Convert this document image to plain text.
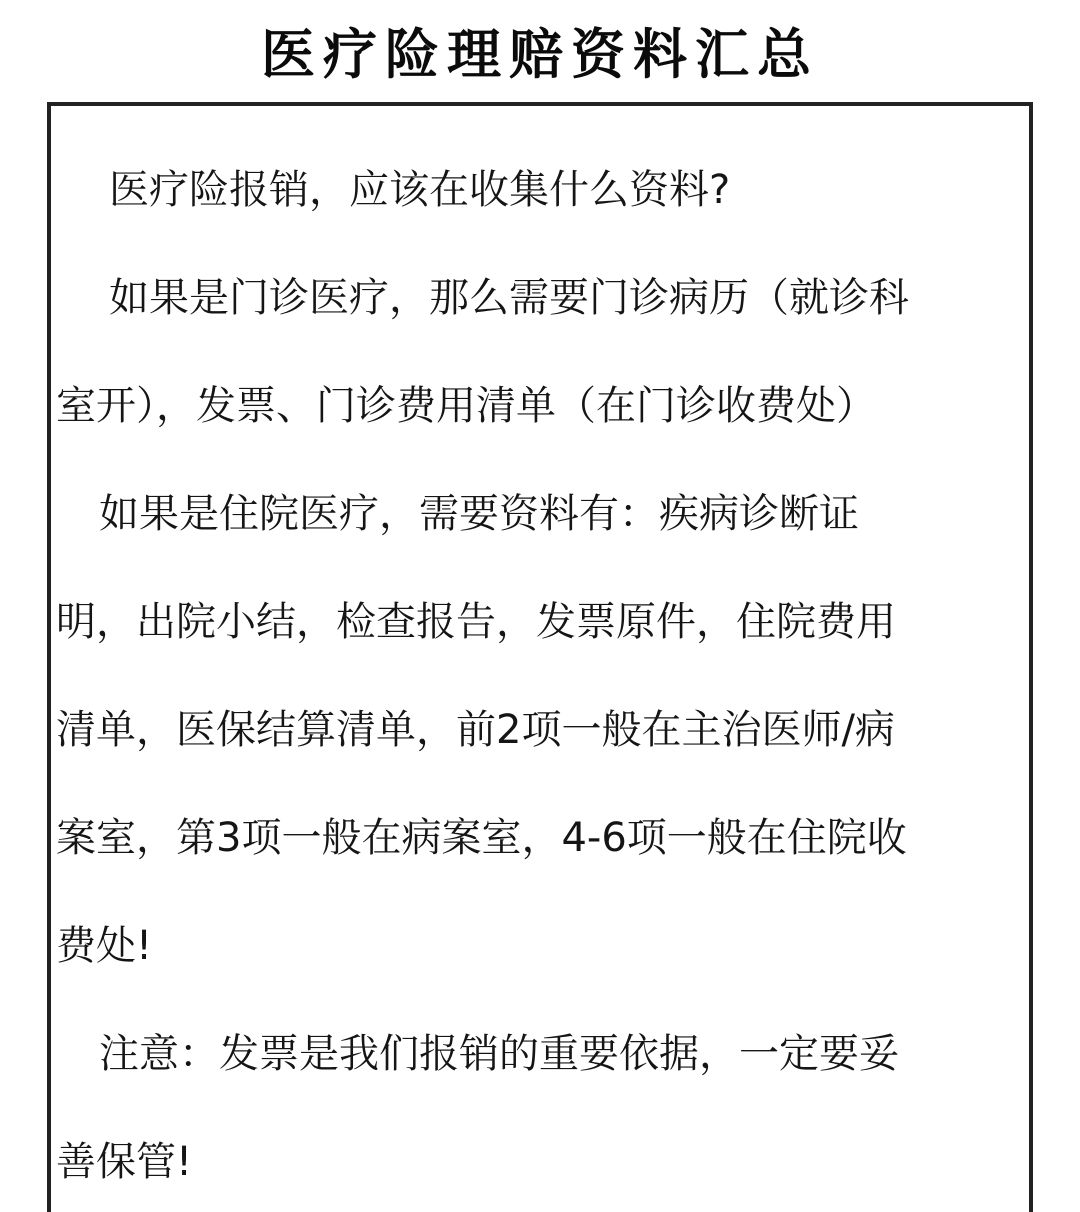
医疗险理赔资料汇总
医疗险报销，应该在收集什么资料?
如果是门诊医疗，那么需要门诊病历（就诊科
室开），发票、门诊费用清单（在门诊收费处）
如果是住院医疗，需要资料有：疾病诊断证
明，出院小结，检查报告，发票原件，住院费用
清单，医保结算清单，前2项一般在主治医师/病
案室，第3项一般在病案室，4-6项一般在住院收
费处!
注意：发票是我们报销的重要依据，一定要妥
善保管!
